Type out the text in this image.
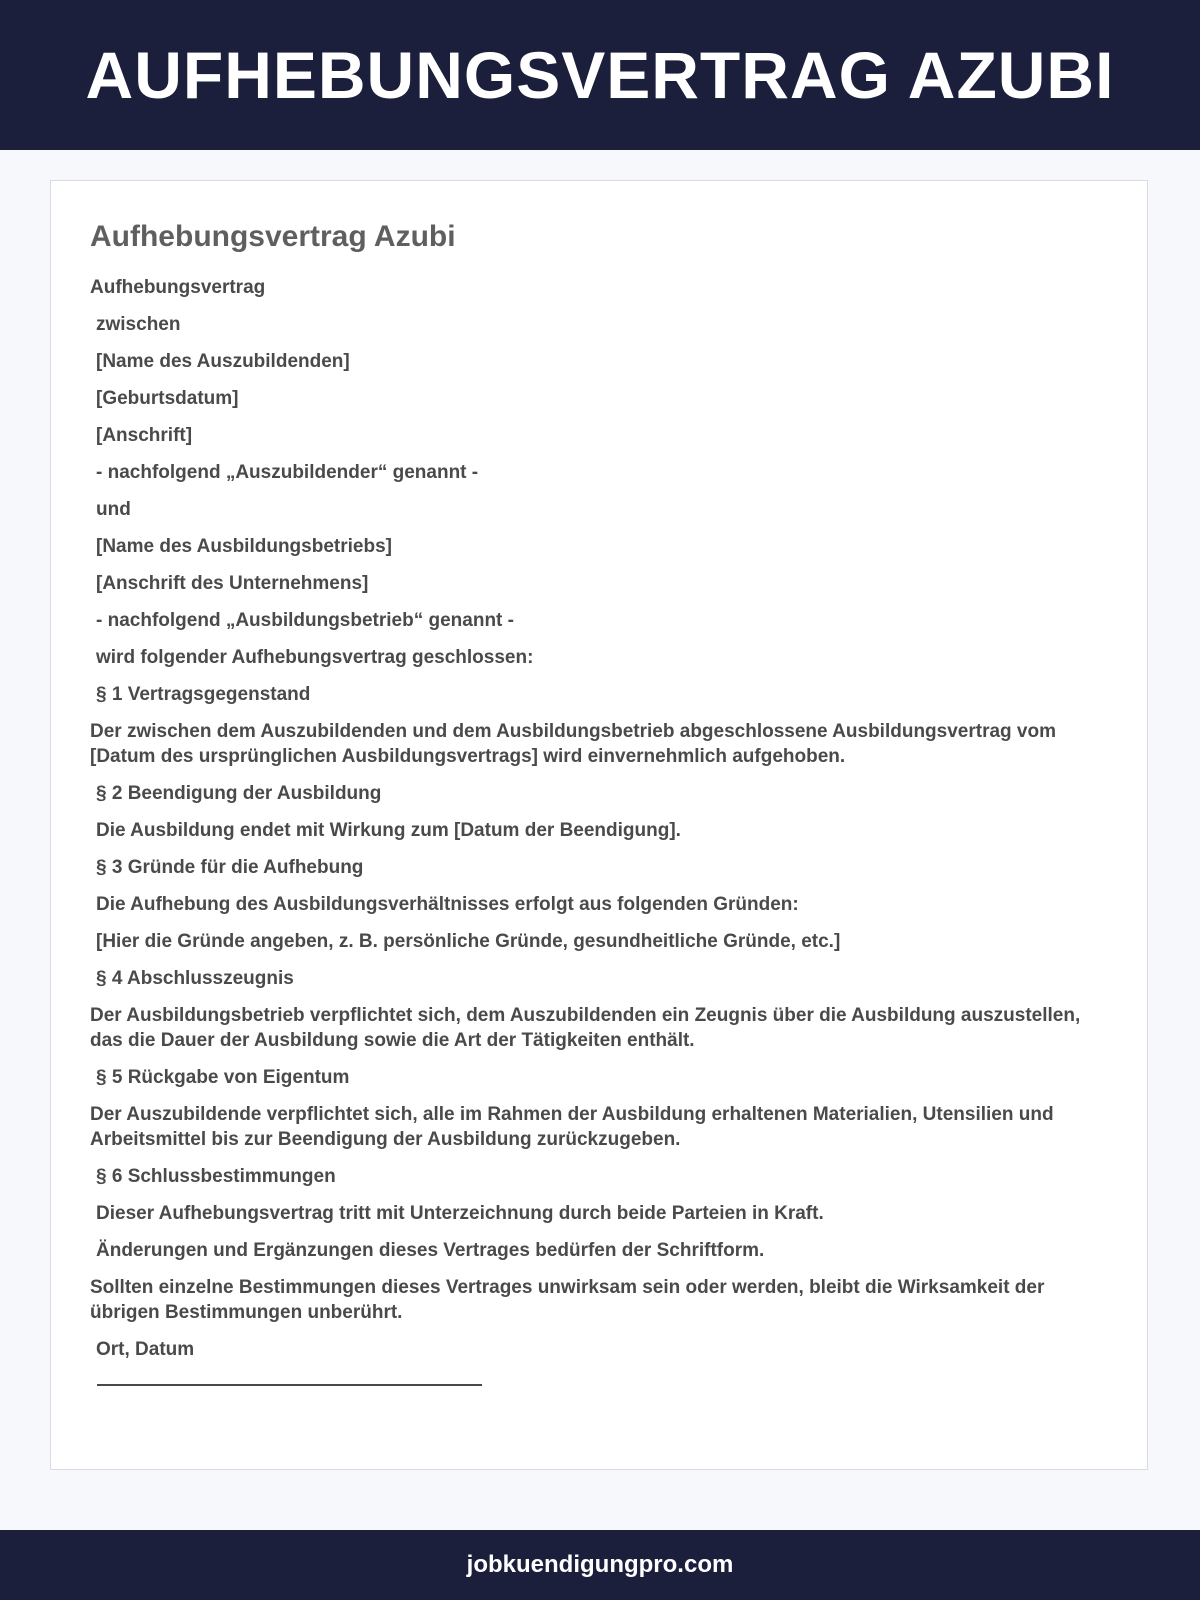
AUFHEBUNGSVERTRAG AZUBI
Aufhebungsvertrag Azubi

Aufhebungsvertrag

zwischen

[Name des Auszubildenden]

[Geburtsdatum]

[Anschrift]

- nachfolgend „Auszubildender“ genannt -

und

[Name des Ausbildungsbetriebs]

[Anschrift des Unternehmens]

- nachfolgend „Ausbildungsbetrieb“ genannt -

wird folgender Aufhebungsvertrag geschlossen:

§ 1 Vertragsgegenstand

Der zwischen dem Auszubildenden und dem Ausbildungsbetrieb abgeschlossene Ausbildungsvertrag vom [Datum des ursprünglichen Ausbildungsvertrags] wird einvernehmlich aufgehoben.

§ 2 Beendigung der Ausbildung

Die Ausbildung endet mit Wirkung zum [Datum der Beendigung].

§ 3 Gründe für die Aufhebung

Die Aufhebung des Ausbildungsverhältnisses erfolgt aus folgenden Gründen:

[Hier die Gründe angeben, z. B. persönliche Gründe, gesundheitliche Gründe, etc.]

§ 4 Abschlusszeugnis

Der Ausbildungsbetrieb verpflichtet sich, dem Auszubildenden ein Zeugnis über die Ausbildung auszustellen, das die Dauer der Ausbildung sowie die Art der Tätigkeiten enthält.

§ 5 Rückgabe von Eigentum

Der Auszubildende verpflichtet sich, alle im Rahmen der Ausbildung erhaltenen Materialien, Utensilien und Arbeitsmittel bis zur Beendigung der Ausbildung zurückzugeben.

§ 6 Schlussbestimmungen

Dieser Aufhebungsvertrag tritt mit Unterzeichnung durch beide Parteien in Kraft.

Änderungen und Ergänzungen dieses Vertrages bedürfen der Schriftform.

Sollten einzelne Bestimmungen dieses Vertrages unwirksam sein oder werden, bleibt die Wirksamkeit der übrigen Bestimmungen unberührt.

Ort, Datum

jobkuendigungpro.com
